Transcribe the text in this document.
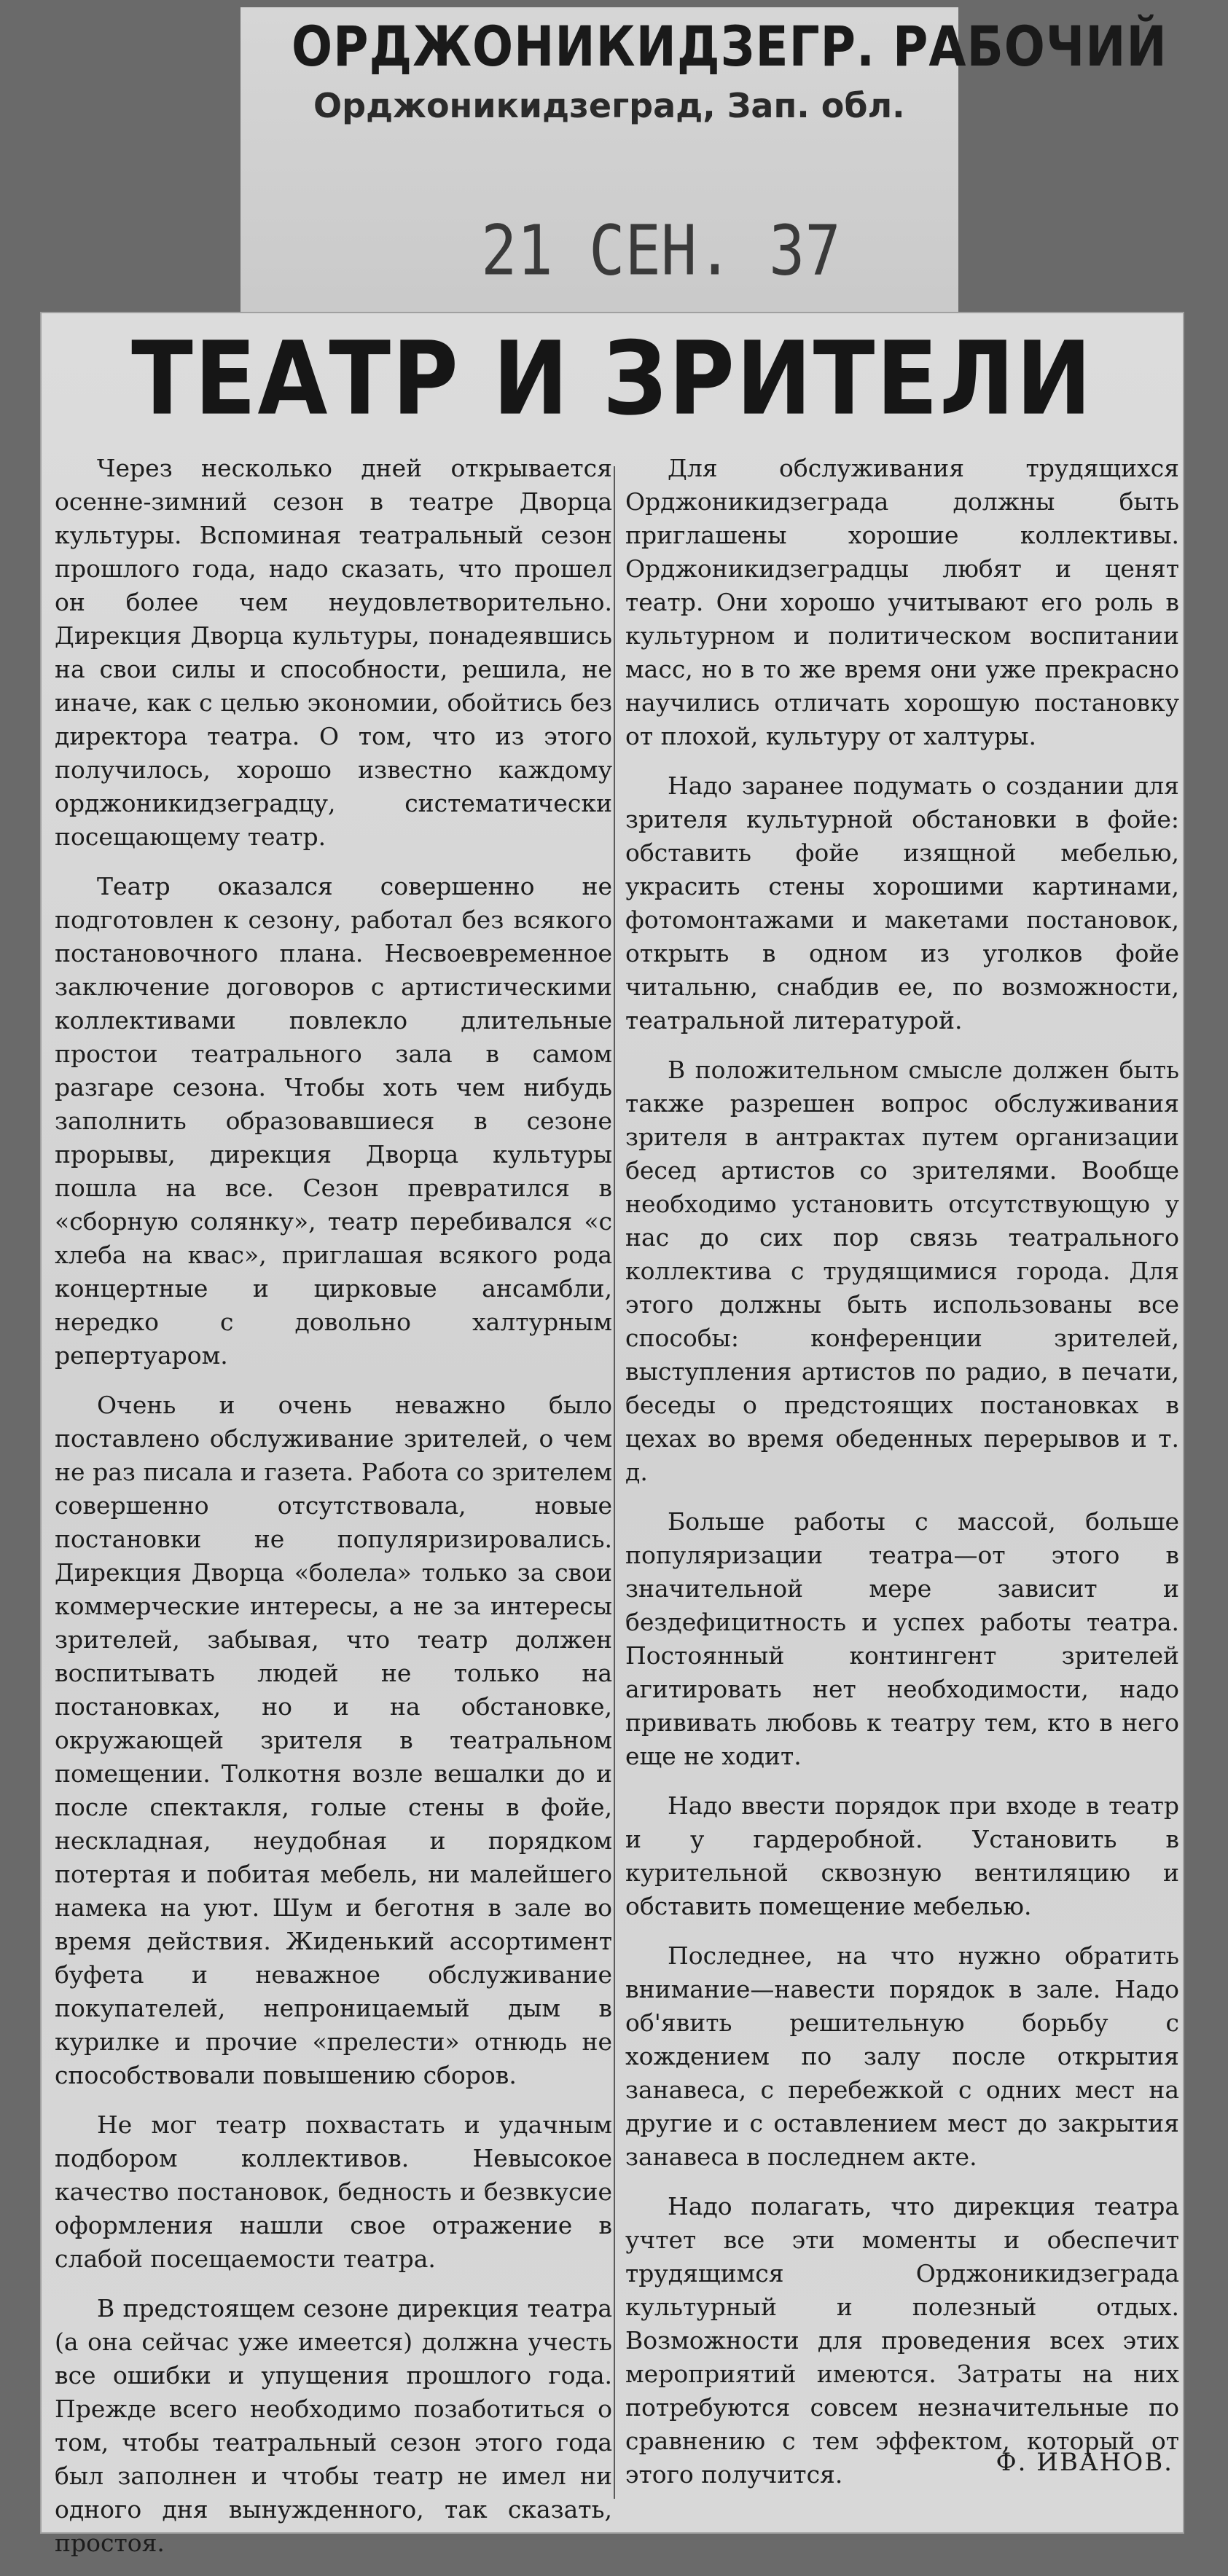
ОРДЖОНИКИДЗЕГР. РАБОЧИЙ
Орджоникидзеград, Зап. обл.
21 СЕН. 37
ТЕАТР И ЗРИТЕЛИ

Через несколько дней открывается осенне-зимний сезон в театре Дворца культуры. Вспоминая театральный сезон прошлого года, надо сказать, что прошел он более чем неудовлетворительно. Дирекция Дворца культуры, понадеявшись на свои силы и способности, решила, не иначе, как с целью экономии, обойтись без директора театра. О том, что из этого получилось, хорошо известно каждому орджоникидзеградцу, систематически посещающему театр.

Театр оказался совершенно не подготовлен к сезону, работал без всякого постановочного плана. Несвоевременное заключение договоров с артистическими коллективами повлекло длительные простои театрального зала в самом разгаре сезона. Чтобы хоть чем нибудь заполнить образовавшиеся в сезоне прорывы, дирекция Дворца культуры пошла на все. Сезон превратился в «сборную солянку», театр перебивался «с хлеба на квас», приглашая всякого рода концертные и цирковые ансамбли, нередко с довольно халтурным репертуаром.

Очень и очень неважно было поставлено обслуживание зрителей, о чем не раз писала и газета. Работа со зрителем совершенно отсутствовала, новые постановки не популяризировались. Дирекция Дворца «болела» только за свои коммерческие интересы, а не за интересы зрителей, забывая, что театр должен воспитывать людей не только на постановках, но и на обстановке, окружающей зрителя в театральном помещении. Толкотня возле вешалки до и после спектакля, голые стены в фойе, нескладная, неудобная и порядком потертая и побитая мебель, ни малейшего намека на уют. Шум и беготня в зале во время действия. Жиденький ассортимент буфета и неважное обслуживание покупателей, непроницаемый дым в курилке и прочие «прелести» отнюдь не способствовали повышению сборов.

Не мог театр похвастать и удачным подбором коллективов. Невысокое качество постановок, бедность и безвкусие оформления нашли свое отражение в слабой посещаемости театра.

В предстоящем сезоне дирекция театра (а она сейчас уже имеется) должна учесть все ошибки и упущения прошлого года. Прежде всего необходимо позаботиться о том, чтобы театральный сезон этого года был заполнен и чтобы театр не имел ни одного дня вынужденного, так сказать, простоя.

Для обслуживания трудящихся Орджоникидзеграда должны быть приглашены хорошие коллективы. Орджоникидзеградцы любят и ценят театр. Они хорошо учитывают его роль в культурном и политическом воспитании масс, но в то же время они уже прекрасно научились отличать хорошую постановку от плохой, культуру от халтуры.

Надо заранее подумать о создании для зрителя культурной обстановки в фойе: обставить фойе изящной мебелью, украсить стены хорошими картинами, фотомонтажами и макетами постановок, открыть в одном из уголков фойе читальню, снабдив ее, по возможности, театральной литературой.

В положительном смысле должен быть также разрешен вопрос обслуживания зрителя в антрактах путем организации бесед артистов со зрителями. Вообще необходимо установить отсутствующую у нас до сих пор связь театрального коллектива с трудящимися города. Для этого должны быть использованы все способы: конференции зрителей, выступления артистов по радио, в печати, беседы о предстоящих постановках в цехах во время обеденных перерывов и т. д.

Больше работы с массой, больше популяризации театра—от этого в значительной мере зависит и бездефицитность и успех работы театра. Постоянный контингент зрителей агитировать нет необходимости, надо прививать любовь к театру тем, кто в него еще не ходит.

Надо ввести порядок при входе в театр и у гардеробной. Установить в курительной сквозную вентиляцию и обставить помещение мебелью.

Последнее, на что нужно обратить внимание—навести порядок в зале. Надо об'явить решительную борьбу с хождением по залу после открытия занавеса, с перебежкой с одних мест на другие и с оставлением мест до закрытия занавеса в последнем акте.

Надо полагать, что дирекция театра учтет все эти моменты и обеспечит трудящимся Орджоникидзеграда культурный и полезный отдых. Возможности для проведения всех этих мероприятий имеются. Затраты на них потребуются совсем незначительные по сравнению с тем эффектом, который от этого получится.	Ф. ИВАНОВ.
